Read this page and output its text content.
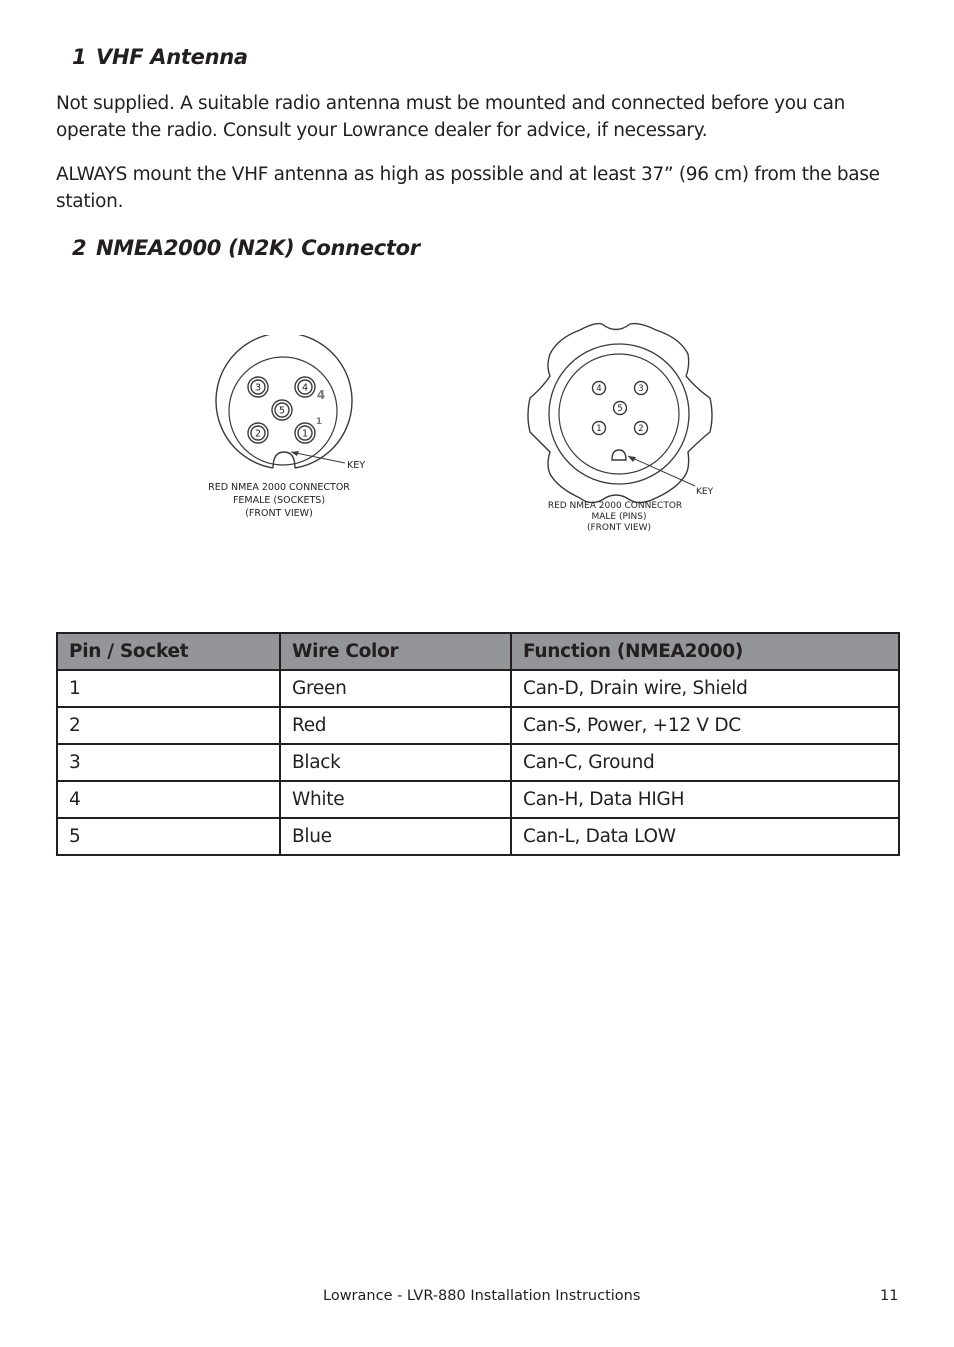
1 VHF Antenna

Not supplied. A suitable radio antenna must be mounted and connected before you can operate the radio. Consult your Lowrance dealer for advice, if necessary.

ALWAYS mount the VHF antenna as high as possible and at least 37” (96 cm) from the base station.

2 NMEA2000 (N2K) Connector
3	4
5
2	1
4
1
KEY
RED NMEA 2000 CONNECTOR
FEMALE (SOCKETS)
(FRONT VIEW)
4	3
5
1	2
KEY
RED NMEA 2000 CONNECTOR
MALE (PINS)
(FRONT VIEW)
Pin / Socket	Wire Color	Function (NMEA2000)
1	Green	Can-D, Drain wire, Shield
2	Red	Can-S, Power, +12 V DC
3	Black	Can-C, Ground
4	White	Can-H, Data HIGH
5	Blue	Can-L, Data LOW
Lowrance - LVR-880 Installation Instructions	11
